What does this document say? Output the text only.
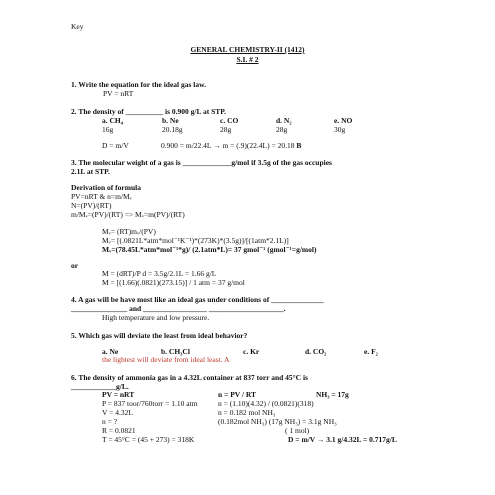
Key
GENERAL CHEMISTRY-II (1412)
S.I. # 2
1. Write the equation for the ideal gas law.
PV = nRT
2. The density of __________ is 0.900 g/L at STP.
a. CH₄	b. Ne	c. CO	d. N₂	e. NO
16g	20.18g	28g	28g	30g
D = m/V	0.900 = m/22.4L → m = (.9)(22.4L) = 20.18 B
3. The molecular weight of a gas is _____________g/mol if 3.5g of the gas occupies
2.1L at STP.
Derivation of formula
PV=nRT & n=m/Mᵥ
N=(PV)/(RT)
m/Mᵥ=(PV)/(RT) => Mᵥ=m(PV)/(RT)
Mᵥ= (RT)mᵥ/(PV)
Mᵥ= [(.0821L*atm*mol⁻¹K⁻¹)*(273K)*(3.5g)]/[(1atm*2.1L)]
Mᵥ=(78.45L*atm*mol⁻¹*g)/ (2.1atm*L)= 37 gmol⁻¹ (gmol⁻¹=g/mol)
or
M = (dRT)/P d = 3.5g/2.1L = 1.66 g/L
M = [(1.66)(.0821)(273.15)] / 1 atm = 37 g/mol
4. A gas will be have most like an ideal gas under conditions of ______________
_______________ and _________________ ____________________.
High temperature and low pressure.
5. Which gas will deviate the least from ideal behavior?
a. Ne	b. CH₃Cl	c. Kr	d. CO₂	e. F₂
the lightest will deviate from ideal least. A
6. The density of ammonia gas in a 4.32L container at 837 torr and 45°C is
____________g/L.
PV = nRT	n = PV / RT	NH₃ = 17g
P = 837 toor/760torr = 1.10 atm
V = 4.32L
n = ?
R = 0.0821
T = 45°C = (45 + 273) = 318K
n = (1.10)(4.32) / (0.0821)(318)
n = 0.182 mol NH₃
(0.182mol NH₃) (17g NH₃) = 3.1g NH₃
( 1 mol)
D = m/V → 3.1 g/4.32L = 0.717g/L
